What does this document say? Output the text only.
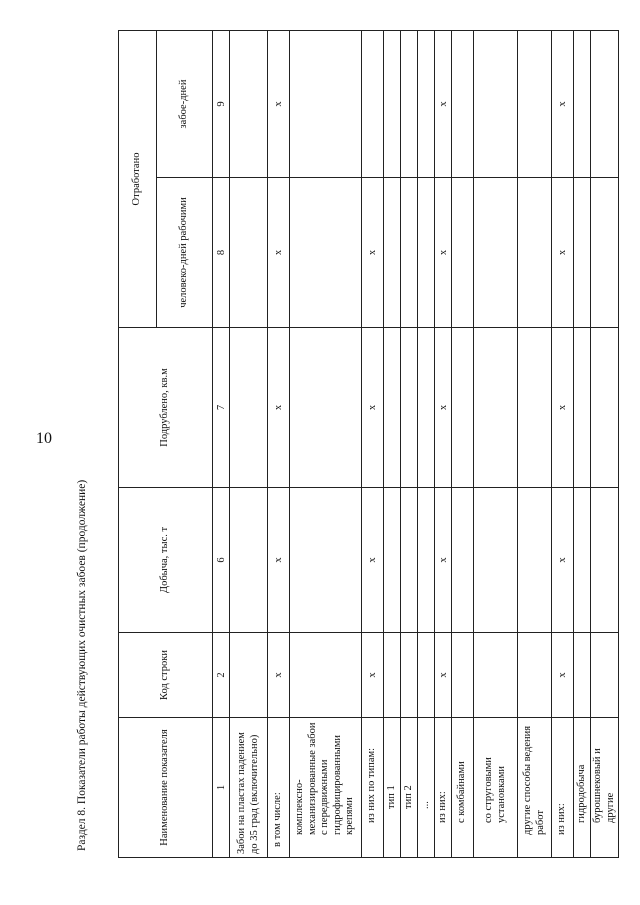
10
Раздел 8. Показатели работы действующих очистных забоев (продолжение)	Наименование показателя	Код строки	Добыча, тыс. т	Подрублено, кв.м	Отработано	
				человеко-дней рабочими	забое-дней
1	2	6	7	8	9
Забои на пластах падением до 35 град (включительно)					
в том числе:	x	x	x	x	x
комплексно-механизированные забои с передвижными гидрофицированными крепями					
из них по типам:	x	x	x	x	
тип 1					
тип 2					
...					
из них:	x	x	x	x	x
с комбайнами					
со струговыми установками					
другие способы ведения работ					
из них:	x	x	x	x	x
гидродобыча					
бурошнековый и другие					
